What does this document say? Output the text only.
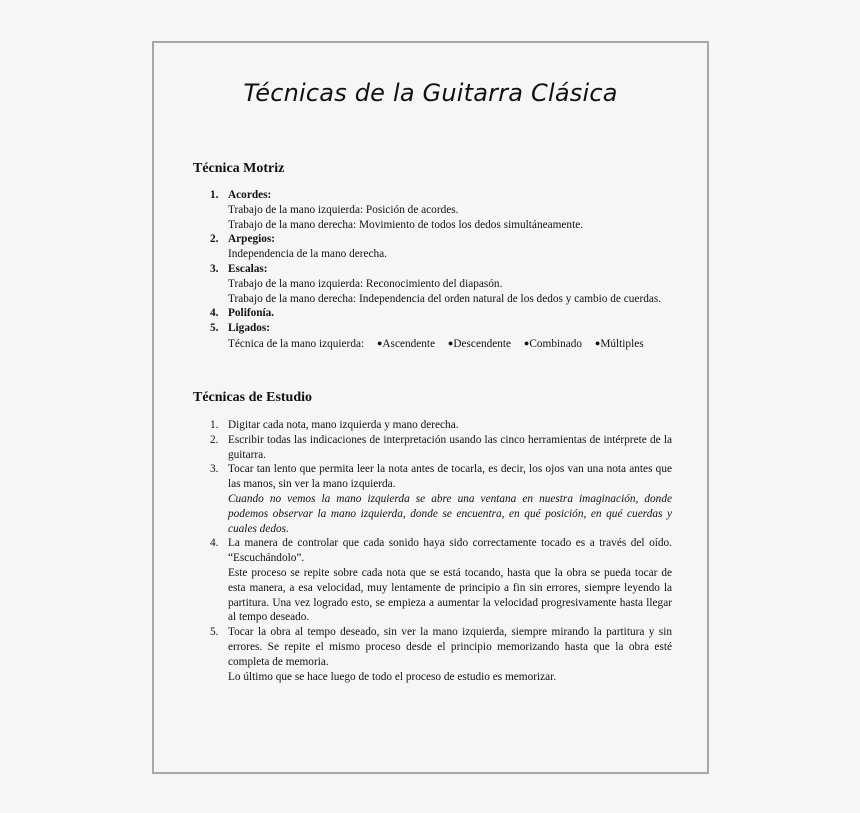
Técnicas de la Guitarra Clásica
Técnica Motriz
1. Acordes:
Trabajo de la mano izquierda: Posición de acordes.
Trabajo de la mano derecha: Movimiento de todos los dedos simultáneamente.
2. Arpegios:
Independencia de la mano derecha.
3. Escalas:
Trabajo de la mano izquierda: Reconocimiento del diapasón.
Trabajo de la mano derecha: Independencia del orden natural de los dedos y cambio de cuerdas.
4. Polifonía.
5. Ligados:
Técnica de la mano izquierda: ●Ascendente ●Descendente ●Combinado ●Múltiples
Técnicas de Estudio
1. Digitar cada nota, mano izquierda y mano derecha.
2. Escribir todas las indicaciones de interpretación usando las cinco herramientas de intérprete de la guitarra.
3. Tocar tan lento que permita leer la nota antes de tocarla, es decir, los ojos van una nota antes que las manos, sin ver la mano izquierda.
Cuando no vemos la mano izquierda se abre una ventana en nuestra imaginación, donde podemos observar la mano izquierda, donde se encuentra, en qué posición, en qué cuerdas y cuales dedos.
4. La manera de controlar que cada sonido haya sido correctamente tocado es a través del oído. “Escuchándolo”.
Este proceso se repite sobre cada nota que se está tocando, hasta que la obra se pueda tocar de esta manera, a esa velocidad, muy lentamente de principio a fin sin errores, siempre leyendo la partitura. Una vez logrado esto, se empieza a aumentar la velocidad progresivamente hasta llegar al tempo deseado.
5. Tocar la obra al tempo deseado, sin ver la mano izquierda, siempre mirando la partitura y sin errores. Se repite el mismo proceso desde el principio memorizando hasta que la obra esté completa de memoria.
Lo último que se hace luego de todo el proceso de estudio es memorizar.
